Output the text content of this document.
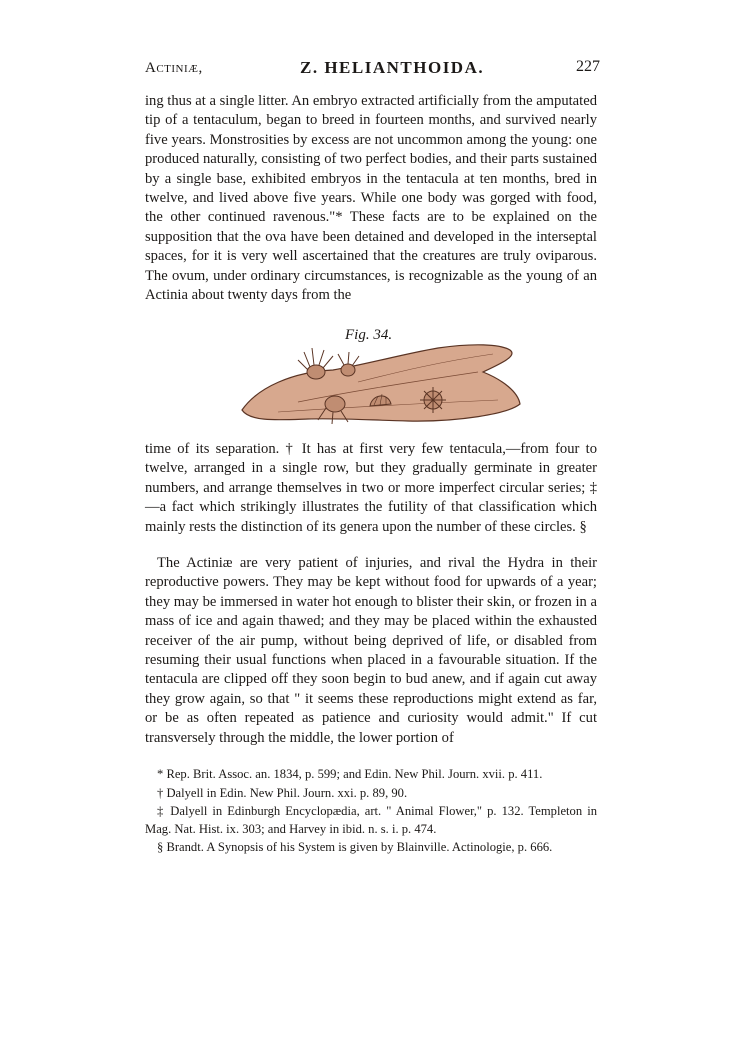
Actiniæ,	Z. HELIANTHOIDA.	227

ing thus at a single litter. An embryo extracted artificially from the amputated tip of a tentaculum, began to breed in fourteen months, and survived nearly five years. Monstrosities by excess are not uncommon among the young: one produced naturally, consisting of two perfect bodies, and their parts sustained by a single base, exhibited embryos in the tentacula at ten months, bred in twelve, and lived above five years. While one body was gorged with food, the other continued ravenous."* These facts are to be explained on the supposition that the ova have been detained and developed in the interseptal spaces, for it is very well ascertained that the creatures are truly oviparous. The ovum, under ordinary circumstances, is recognizable as the young of an Actinia about twenty days from the

Fig. 34.

time of its separation. † It has at first very few tentacula,—from four to twelve, arranged in a single row, but they gradually germinate in greater numbers, and arrange themselves in two or more imperfect circular series; ‡—a fact which strikingly illustrates the futility of that classification which mainly rests the distinction of its genera upon the number of these circles. §

The Actiniæ are very patient of injuries, and rival the Hydra in their reproductive powers. They may be kept without food for upwards of a year; they may be immersed in water hot enough to blister their skin, or frozen in a mass of ice and again thawed; and they may be placed within the exhausted receiver of the air pump, without being deprived of life, or disabled from resuming their usual functions when placed in a favourable situation. If the tentacula are clipped off they soon begin to bud anew, and if again cut away they grow again, so that " it seems these reproductions might extend as far, or be as often repeated as patience and curiosity would admit." If cut transversely through the middle, the lower portion of

* Rep. Brit. Assoc. an. 1834, p. 599; and Edin. New Phil. Journ. xvii. p. 411.

† Dalyell in Edin. New Phil. Journ. xxi. p. 89, 90.

‡ Dalyell in Edinburgh Encyclopædia, art. " Animal Flower," p. 132. Templeton in Mag. Nat. Hist. ix. 303; and Harvey in ibid. n. s. i. p. 474.

§ Brandt. A Synopsis of his System is given by Blainville. Actinologie, p. 666.
